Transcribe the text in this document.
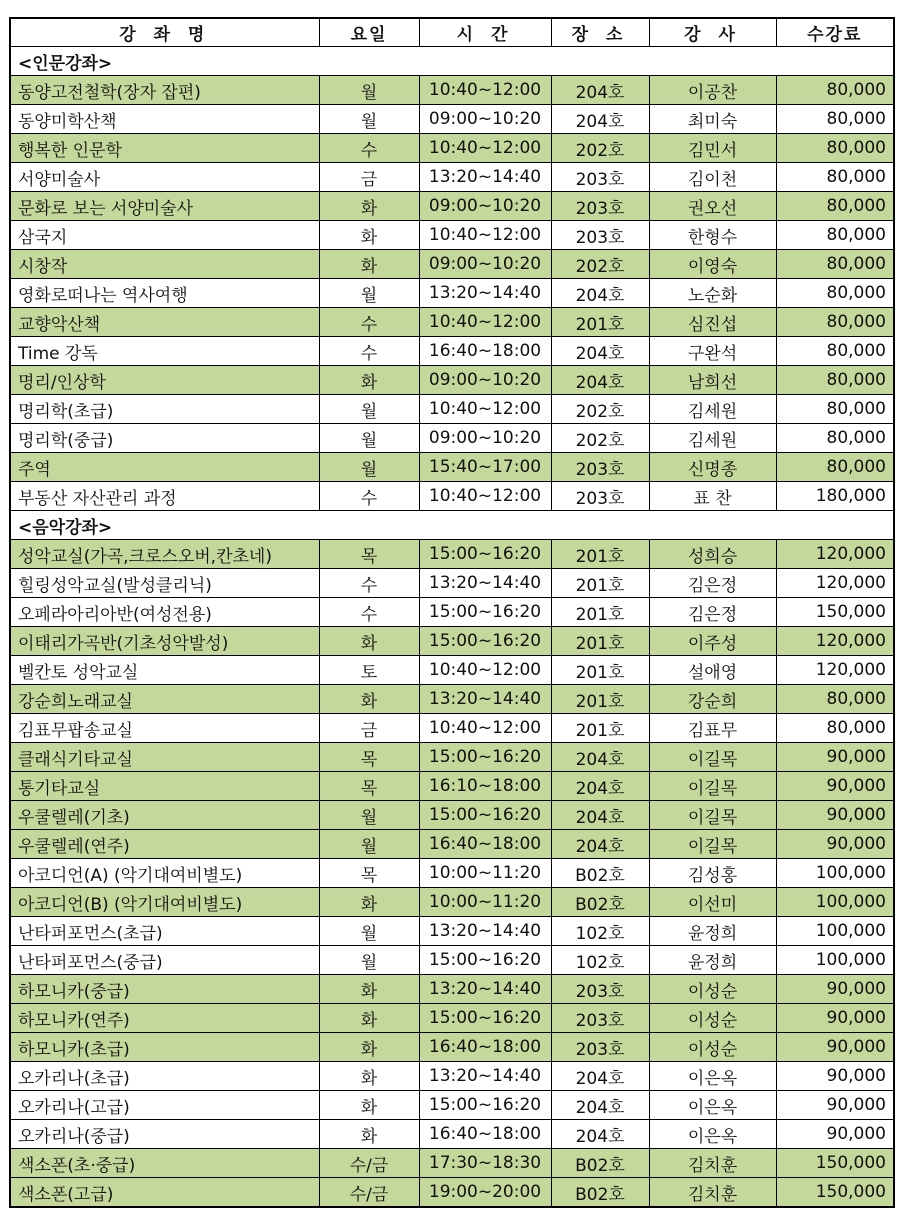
강 좌 명	요일	시 간	장 소	강 사	수강료
<인문강좌>					
동양고전철학(장자 잡편)	월	10:40~12:00	204호	이공찬	80,000
동양미학산책	월	09:00~10:20	204호	최미숙	80,000
행복한 인문학	수	10:40~12:00	202호	김민서	80,000
서양미술사	금	13:20~14:40	203호	김이천	80,000
문화로 보는 서양미술사	화	09:00~10:20	203호	권오선	80,000
삼국지	화	10:40~12:00	203호	한형수	80,000
시창작	화	09:00~10:20	202호	이영숙	80,000
영화로떠나는 역사여행	월	13:20~14:40	204호	노순화	80,000
교향악산책	수	10:40~12:00	201호	심진섭	80,000
Time 강독	수	16:40~18:00	204호	구완석	80,000
명리/인상학	화	09:00~10:20	204호	남희선	80,000
명리학(초급)	월	10:40~12:00	202호	김세원	80,000
명리학(중급)	월	09:00~10:20	202호	김세원	80,000
주역	월	15:40~17:00	203호	신명종	80,000
부동산 자산관리 과정	수	10:40~12:00	203호	표 찬	180,000
<음악강좌>					
성악교실(가곡,크로스오버,칸초네)	목	15:00~16:20	201호	성희승	120,000
힐링성악교실(발성클리닉)	수	13:20~14:40	201호	김은정	120,000
오페라아리아반(여성전용)	수	15:00~16:20	201호	김은정	150,000
이태리가곡반(기초성악발성)	화	15:00~16:20	201호	이주성	120,000
벨칸토 성악교실	토	10:40~12:00	201호	설애영	120,000
강순희노래교실	화	13:20~14:40	201호	강순희	80,000
김표무팝송교실	금	10:40~12:00	201호	김표무	80,000
클래식기타교실	목	15:00~16:20	204호	이길목	90,000
통기타교실	목	16:10~18:00	204호	이길목	90,000
우쿨렐레(기초)	월	15:00~16:20	204호	이길목	90,000
우쿨렐레(연주)	월	16:40~18:00	204호	이길목	90,000
아코디언(A) (악기대여비별도)	목	10:00~11:20	B02호	김성홍	100,000
아코디언(B) (악기대여비별도)	화	10:00~11:20	B02호	이선미	100,000
난타퍼포먼스(초급)	월	13:20~14:40	102호	윤정희	100,000
난타퍼포먼스(중급)	월	15:00~16:20	102호	윤정희	100,000
하모니카(중급)	화	13:20~14:40	203호	이성순	90,000
하모니카(연주)	화	15:00~16:20	203호	이성순	90,000
하모니카(초급)	화	16:40~18:00	203호	이성순	90,000
오카리나(초급)	화	13:20~14:40	204호	이은옥	90,000
오카리나(고급)	화	15:00~16:20	204호	이은옥	90,000
오카리나(중급)	화	16:40~18:00	204호	이은옥	90,000
색소폰(초·중급)	수/금	17:30~18:30	B02호	김치훈	150,000
색소폰(고급)	수/금	19:00~20:00	B02호	김치훈	150,000
